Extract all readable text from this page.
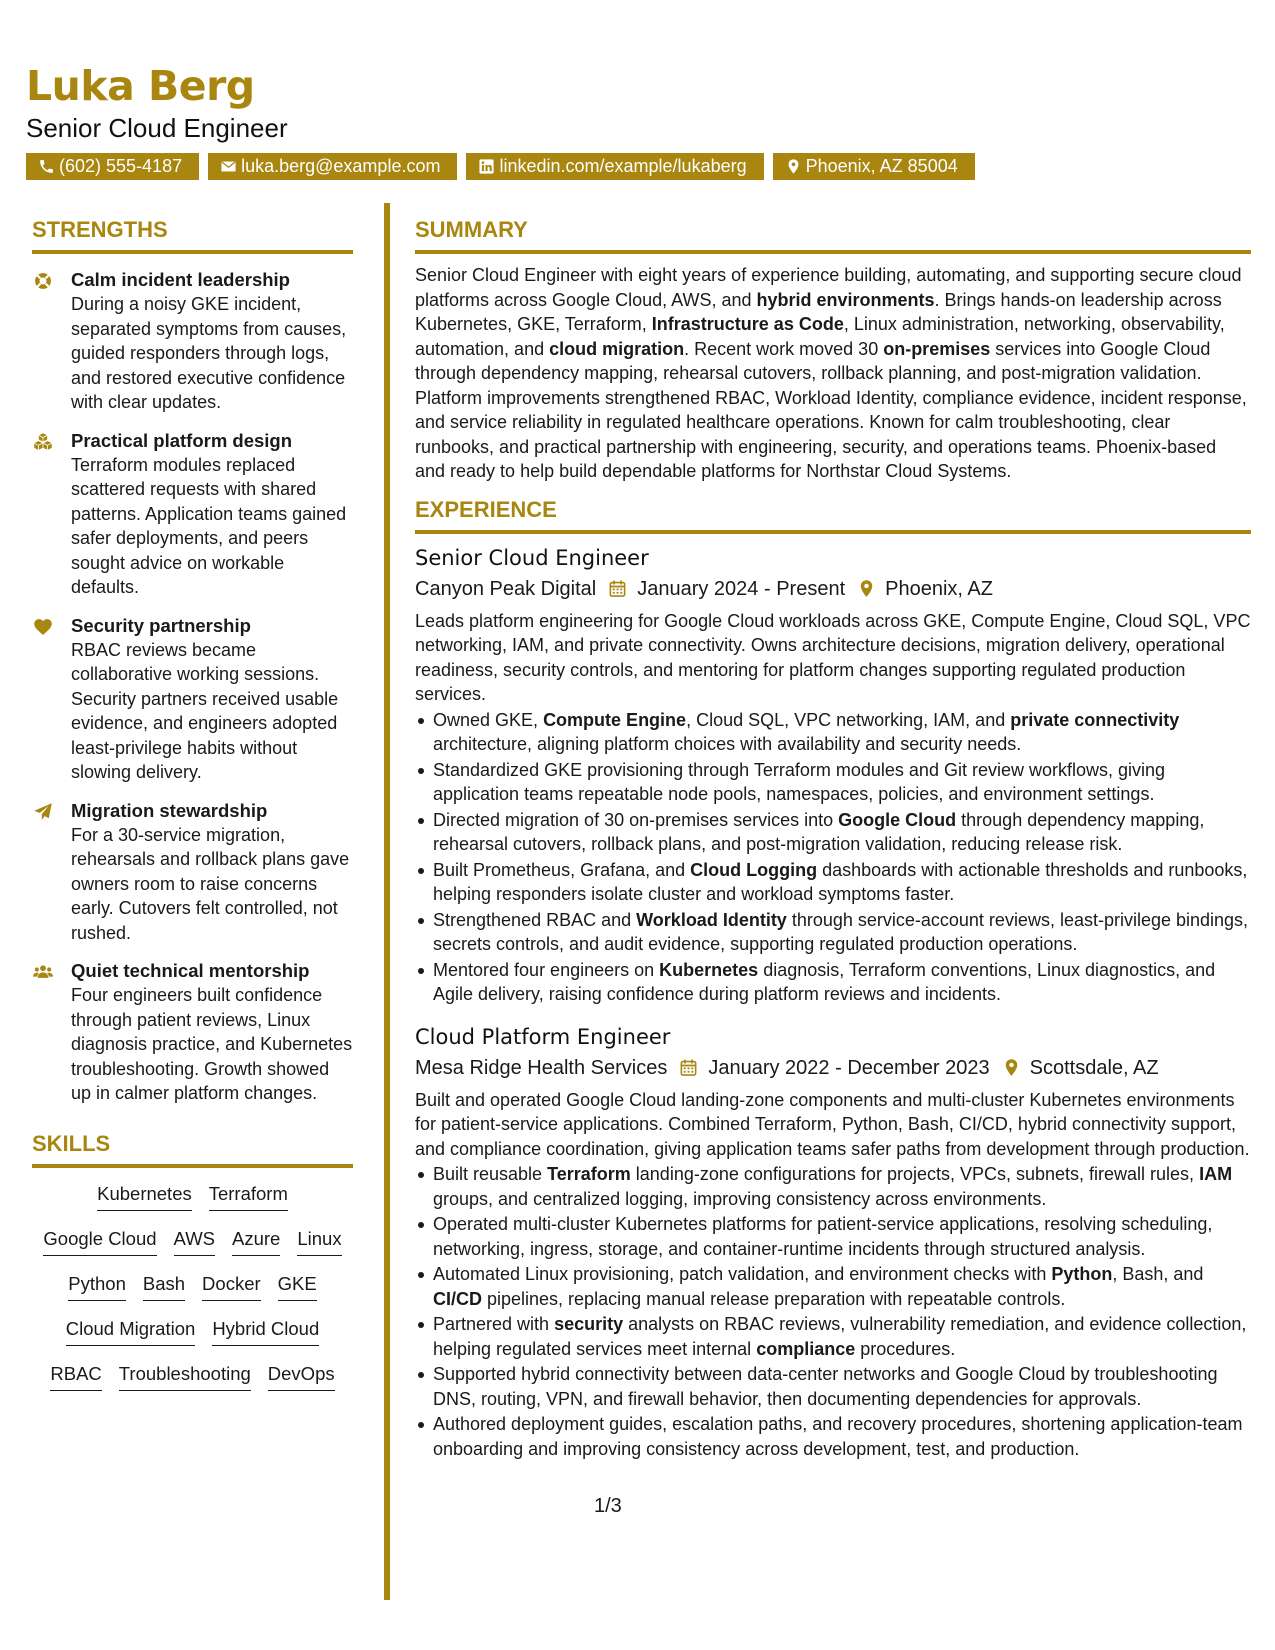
Luka Berg
Senior Cloud Engineer
(602) 555-4187	luka.berg@example.com	linkedin.com/example/lukaberg	Phoenix, AZ 85004
STRENGTHS
Calm incident leadership
During a noisy GKE incident, separated symptoms from causes, guided responders through logs, and restored executive confidence with clear updates.
Practical platform design
Terraform modules replaced scattered requests with shared patterns. Application teams gained safer deployments, and peers sought advice on workable defaults.
Security partnership
RBAC reviews became collaborative working sessions. Security partners received usable evidence, and engineers adopted least-privilege habits without slowing delivery.
Migration stewardship
For a 30-service migration, rehearsals and rollback plans gave owners room to raise concerns early. Cutovers felt controlled, not rushed.
Quiet technical mentorship
Four engineers built confidence through patient reviews, Linux diagnosis practice, and Kubernetes troubleshooting. Growth showed up in calmer platform changes.
SKILLS
Kubernetes Terraform
Google Cloud AWS Azure Linux
Python Bash Docker GKE
Cloud Migration Hybrid Cloud
RBAC Troubleshooting DevOps
SUMMARY
Senior Cloud Engineer with eight years of experience building, automating, and supporting secure cloud platforms across Google Cloud, AWS, and hybrid environments. Brings hands-on leadership across Kubernetes, GKE, Terraform, Infrastructure as Code, Linux administration, networking, observability, automation, and cloud migration. Recent work moved 30 on-premises services into Google Cloud through dependency mapping, rehearsal cutovers, rollback planning, and post-migration validation. Platform improvements strengthened RBAC, Workload Identity, compliance evidence, incident response, and service reliability in regulated healthcare operations. Known for calm troubleshooting, clear runbooks, and practical partnership with engineering, security, and operations teams. Phoenix-based and ready to help build dependable platforms for Northstar Cloud Systems.
EXPERIENCE
Senior Cloud Engineer
Canyon Peak Digital January 2024 - Present Phoenix, AZ
Leads platform engineering for Google Cloud workloads across GKE, Compute Engine, Cloud SQL, VPC networking, IAM, and private connectivity. Owns architecture decisions, migration delivery, operational readiness, security controls, and mentoring for platform changes supporting regulated production services.
Owned GKE, Compute Engine, Cloud SQL, VPC networking, IAM, and private connectivity architecture, aligning platform choices with availability and security needs.
Standardized GKE provisioning through Terraform modules and Git review workflows, giving application teams repeatable node pools, namespaces, policies, and environment settings.
Directed migration of 30 on-premises services into Google Cloud through dependency mapping, rehearsal cutovers, rollback plans, and post-migration validation, reducing release risk.
Built Prometheus, Grafana, and Cloud Logging dashboards with actionable thresholds and runbooks, helping responders isolate cluster and workload symptoms faster.
Strengthened RBAC and Workload Identity through service-account reviews, least-privilege bindings, secrets controls, and audit evidence, supporting regulated production operations.
Mentored four engineers on Kubernetes diagnosis, Terraform conventions, Linux diagnostics, and Agile delivery, raising confidence during platform reviews and incidents.
Cloud Platform Engineer
Mesa Ridge Health Services January 2022 - December 2023 Scottsdale, AZ
Built and operated Google Cloud landing-zone components and multi-cluster Kubernetes environments for patient-service applications. Combined Terraform, Python, Bash, CI/CD, hybrid connectivity support, and compliance coordination, giving application teams safer paths from development through production.
Built reusable Terraform landing-zone configurations for projects, VPCs, subnets, firewall rules, IAM groups, and centralized logging, improving consistency across environments.
Operated multi-cluster Kubernetes platforms for patient-service applications, resolving scheduling, networking, ingress, storage, and container-runtime incidents through structured analysis.
Automated Linux provisioning, patch validation, and environment checks with Python, Bash, and CI/CD pipelines, replacing manual release preparation with repeatable controls.
Partnered with security analysts on RBAC reviews, vulnerability remediation, and evidence collection, helping regulated services meet internal compliance procedures.
Supported hybrid connectivity between data-center networks and Google Cloud by troubleshooting DNS, routing, VPN, and firewall behavior, then documenting dependencies for approvals.
Authored deployment guides, escalation paths, and recovery procedures, shortening application-team onboarding and improving consistency across development, test, and production.
1/3
